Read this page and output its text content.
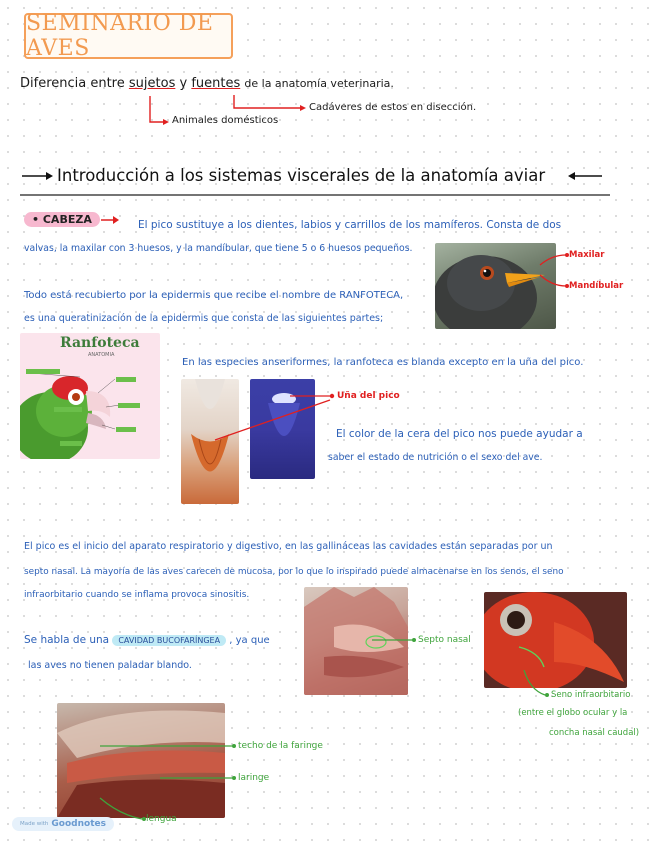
SEMINARIO DE AVES
Diferencia entre sujetos y fuentes de la anatomía veterinaria.
Cadáveres de estos en disección.
Animales domésticos
Introducción a los sistemas viscerales de la anatomía aviar
• CABEZA	El pico sustituye a los dientes, labios y carrillos de los mamíferos. Consta de dos
valvas, la maxilar con 3 huesos, y la mandíbular, que tiene 5 o 6 huesos pequeños.
Todo está recubierto por la epidermis que recibe el nombre de RANFOTECA,
es una queratinización de la epidermis que consta de las siguientes partes;
Maxilar
Mandíbular
Ranfoteca
ANATOMIA
En las especies anseriformes, la ranfoteca es blanda excepto en la uña del pico.
Uña del pico
El color de la cera del pico nos puede ayudar a
saber el estado de nutrición o el sexo del ave.
El pico es el inicio del aparato respiratorio y digestivo, en las gallináceas las cavidades están separadas por un
septo nasal. La mayoría de las aves carecen de mucosa, por lo que lo inspirado puede almacenarse en los senos, el seno
infraorbitario cuando se inflama provoca sinositis.
Se habla de una CAVIDAD BUCOFARÍNGEA , ya que
las aves no tienen paladar blando.
Septo nasal
Seno infraorbitario
(entre el globo ocular y la
concha nasal caudal)
techo de la faringe
laringe
lengua
Made with Goodnotes
